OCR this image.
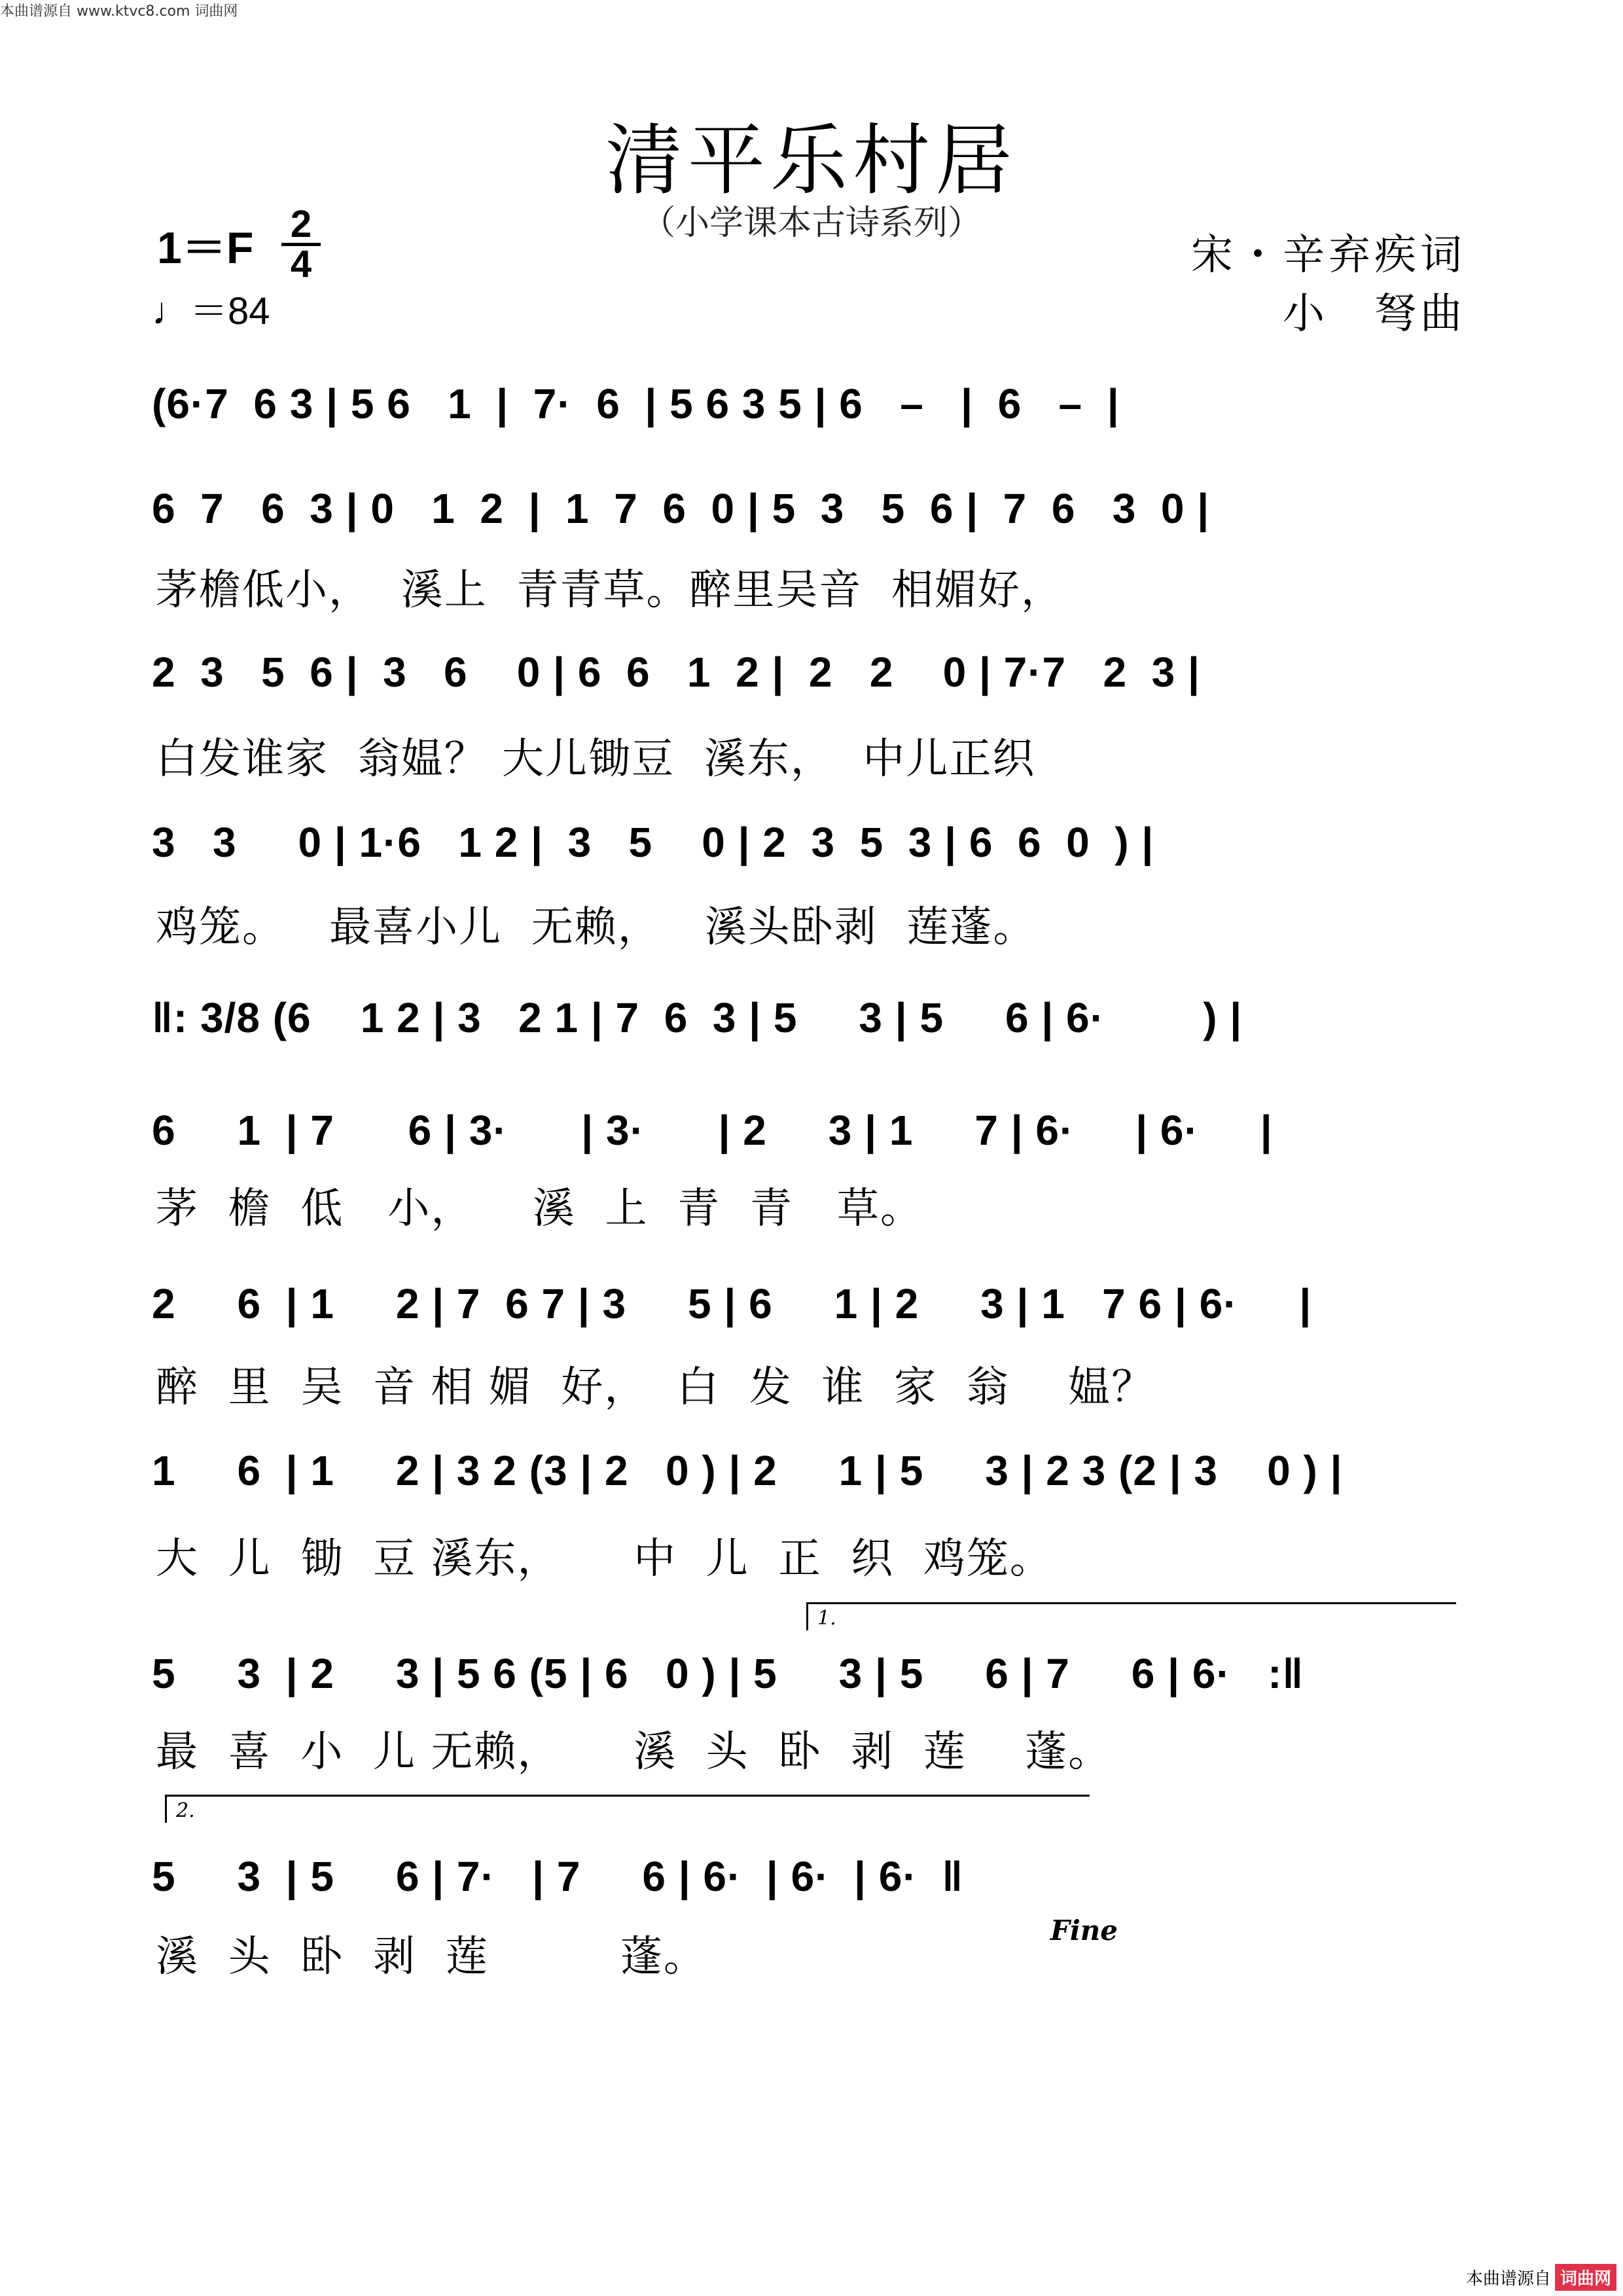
本曲谱源自 www.ktvc8.com 词曲网
清平乐村居
（小学课本古诗系列）
1＝F 2
4
♩＝84
宋・辛弃疾词
小　弩曲
(6·7  6 3 | 5 6   1  |  7·  6  | 5 6 3 5 | 6   –   |  6   –  |
6  7   6  3 | 0   1  2  |  1  7  6  0 | 5  3   5  6 |  7  6   3  0 |
茅檐低小，  溪上  青青草。醉里吴音  相媚好，
2  3   5  6 |  3   6    0 | 6  6   1  2 |  2   2    0 | 7·7   2  3 |
白发谁家  翁媪？ 大儿锄豆  溪东，  中儿正织
3   3     0 | 1·6   1 2 |  3   5    0 | 2  3  5  3 | 6  6  0  ) |
鸡笼。   最喜小儿  无赖，   溪头卧剥  莲蓬。
‖: 3/8 (6    1 2 | 3   2 1 | 7  6  3 | 5     3 | 5     6 | 6·        ) |
6     1  | 7      6 | 3·      | 3·      | 2     3 | 1     7 | 6·     | 6·     |
茅  檐  低   小，    溪  上  青  青   草。
2     6  | 1     2 | 7  6 7 | 3     5 | 6     1 | 2     3 | 1   7 6 | 6·     |
醉  里  吴  音 相 媚  好，  白  发  谁  家  翁    媪？
1     6  | 1     2 | 3 2 (3 | 2   0 ) | 2     1 | 5     3 | 2 3 (2 | 3    0 ) |
大  儿  锄  豆 溪东，     中  儿  正  织  鸡笼。
1.
5     3  | 2     3 | 5 6 (5 | 6   0 ) | 5     3 | 5     6 | 7     6 | 6·   :‖
最  喜  小  儿 无赖，     溪  头  卧  剥  莲    蓬。
2.
5     3  | 5     6 | 7·   | 7     6 | 6·  | 6·  | 6·  ‖
溪  头  卧  剥  莲         蓬。
Fine
本曲谱源自 词曲网
